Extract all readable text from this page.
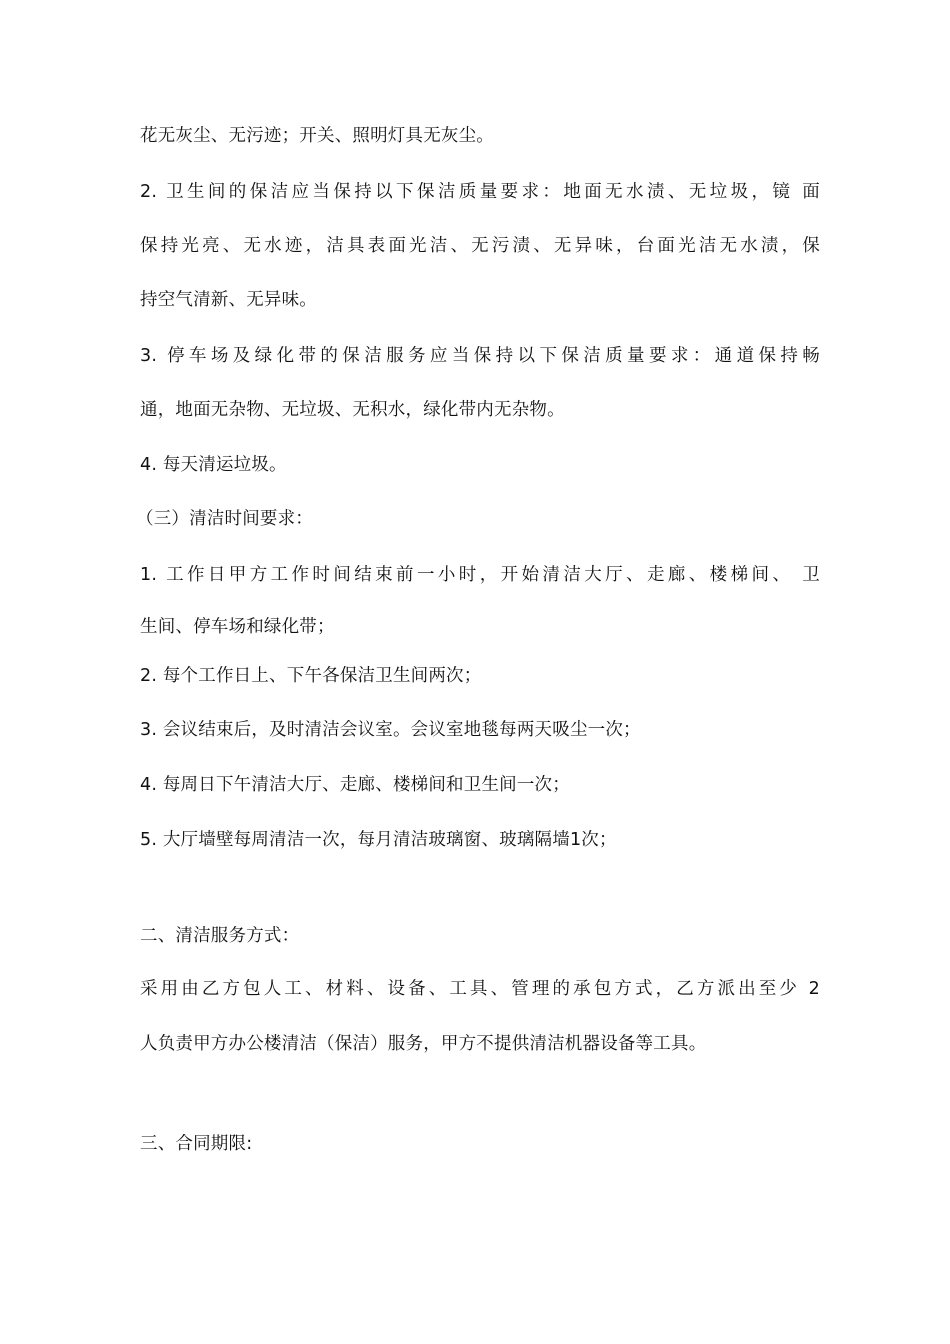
花无灰尘、无污迹；开关、照明灯具无灰尘。
2. 卫生间的保洁应当保持以下保洁质量要求：地面无水渍、无垃圾，镜 面
保持光亮、无水迹，洁具表面光洁、无污渍、无异味，台面光洁无水渍，保
持空气清新、无异味。
3. 停车场及绿化带的保洁服务应当保持以下保洁质量要求：通道保持畅
通，地面无杂物、无垃圾、无积水，绿化带内无杂物。
4. 每天清运垃圾。
（三）清洁时间要求：
1. 工作日甲方工作时间结束前一小时，开始清洁大厅、走廊、楼梯间、 卫
生间、停车场和绿化带；
2. 每个工作日上、下午各保洁卫生间两次；
3. 会议结束后，及时清洁会议室。会议室地毯每两天吸尘一次；
4. 每周日下午清洁大厅、走廊、楼梯间和卫生间一次；
5. 大厅墙壁每周清洁一次，每月清洁玻璃窗、玻璃隔墙1次；
二、清洁服务方式：
采用由乙方包人工、材料、设备、工具、管理的承包方式，乙方派出至少 2
人负责甲方办公楼清洁（保洁）服务，甲方不提供清洁机器设备等工具。
三、合同期限:
